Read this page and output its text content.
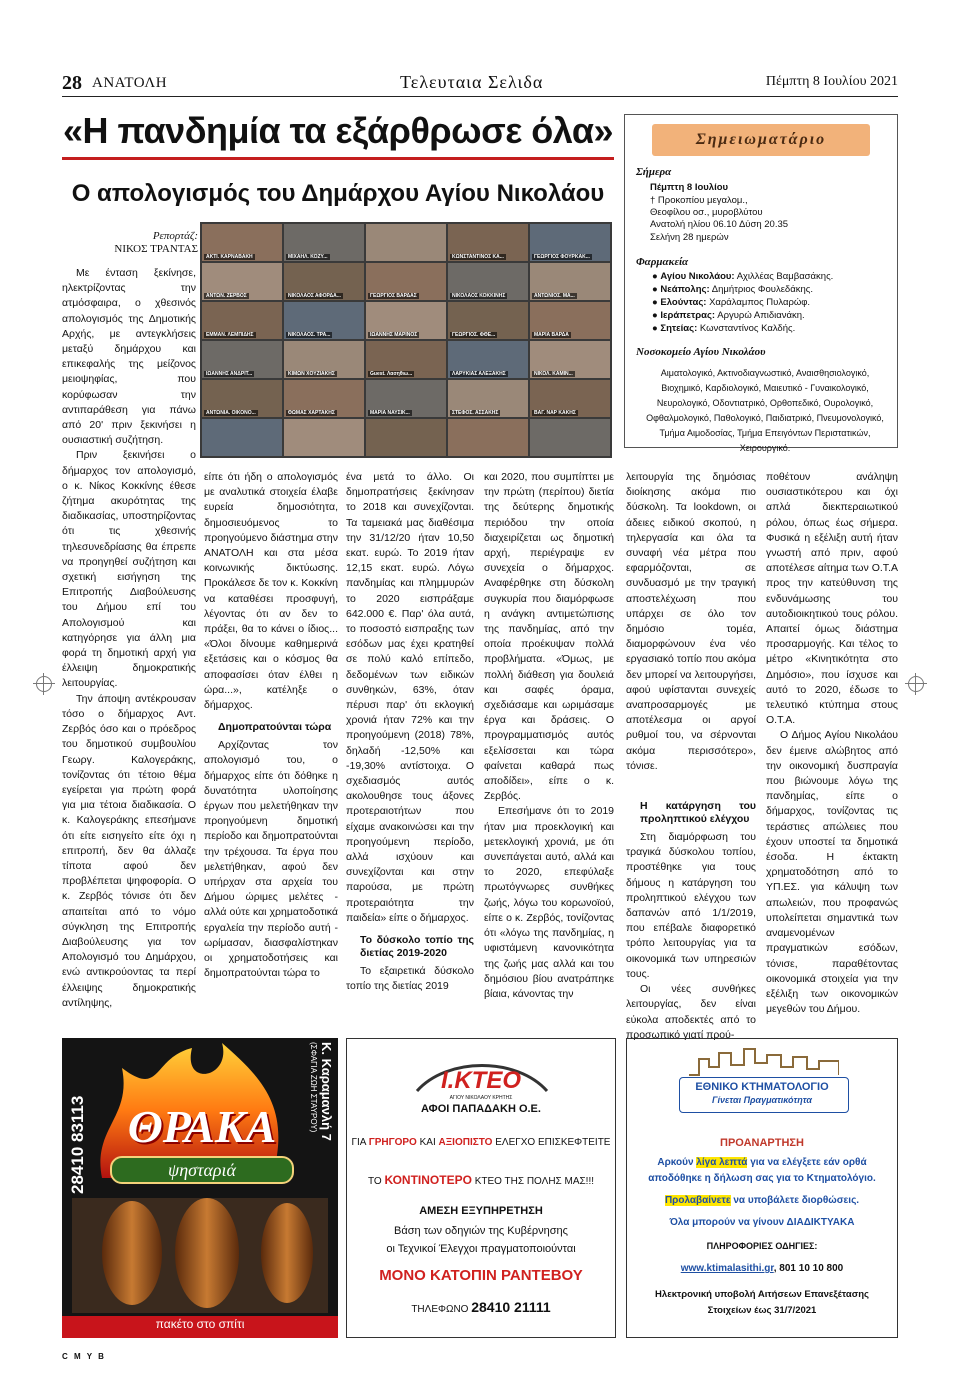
28 ΑΝΑΤΟΛΗ	Τελευταια Σελιδα	Πέμπτη 8 Ιουλίου 2021
«Η πανδημία τα εξάρθρωσε όλα»
Ο απολογισμός του Δημάρχου Αγίου Νικολάου
Ρεπορτάζ:
ΝΙΚΟΣ ΤΡΑΝΤΑΣ

Με ένταση ξεκίνησε, ηλεκτρίζοντας την ατμόσφαιρα, ο χθεσινός απολογισμός της Δημοτικής Αρχής, με αντεγκλήσεις μεταξύ δημάρχου και επικεφαλής της μείζονος μειοψηφίας, που κορύφωσαν την αντιπαράθεση για πάνω από 20' πριν ξεκινήσει η ουσιαστική συζήτηση.

Πριν ξεκινήσει ο δήμαρχος τον απολογισμό, ο κ. Νίκος Κοκκίνης έθεσε ζήτημα ακυρότητας της διαδικασίας, υποστηρίζοντας ότι τις χθεσινής τηλεσυνεδρίασης θα έπρεπε να προηγηθεί συζήτηση και σχετική εισήγηση της Επιτροπής Διαβούλευσης του Δήμου επί του Απολογισμού και κατηγόρησε για άλλη μια φορά τη δημοτική αρχή για έλλειψη δημοκρατικής λειτουργίας.

Την άποψη αντέκρουσαν τόσο ο δήμαρχος Αντ. Ζερβός όσο και ο πρόεδρος του δημοτικού συμβουλίου Γεωργ. Καλογεράκης, τονίζοντας ότι τέτοιο θέμα εγείρεται για πρώτη φορά για μια τέτοια διαδικασία. Ο κ. Καλογεράκης επεσήμανε ότι είτε εισηγείτο είτε όχι η επιτροπή, δεν θα άλλαζε τίποτα αφού δεν προβλέπεται ψηφοφορία. Ο κ. Ζερβός τόνισε ότι δεν απαιτείται από το νόμο σύγκληση της Επιτροπής Διαβούλευσης για τον Απολογισμό του Δημάρχου, ενώ αντικρούοντας τα περί έλλειψης δημοκρατικής αντίληψης,

ΑΚΤΙ. ΚΑΡΝΑΒΑΚΗ	ΜΙΧΑΗΛ. ΚΟΖΥ...	ΚΩΝΣΤΑΝΤΙΝΟΣ ΚΑ...	ΓΕΩΡΓΙΟΣ ΦΟΥΡΚΑΚ...
ΑΝΤΩΝ. ΖΕΡΒΟΣ	ΝΙΚΟΛΑΟΣ ΑΦΟΡΔΑ...	ΓΕΩΡΓΙΟΣ ΒΑΡΔΑΣ	ΝΙΚΟΛΑΟΣ ΚΟΚΚΙΝΗΣ	ΑΝΤΩΝΙΟΣ. ΜΑ...
ΕΜΜΑΝ. ΛΕΜΠΙΔΗΣ	ΝΙΚΟΛΑΟΣ. ΤΡΑ...	ΙΩΑΝΝΗΣ ΜΑΡΙΝΟΣ	ΓΕΩΡΓΙΟΣ. ΦΘΕ...	ΜΑΡΙΑ ΒΑΡΔΑ
ΙΩΑΝΝΗΣ ΑΝΔΡΙΤ...	ΚΙΜΩΝ ΧΟΥΖΙΑΚΗΣ	Guest. Λασηθιω...	ΛΑΡΥΚΙΑΣ ΑΛΕΞΑΚΗΣ	ΝΙΚΟΛ. ΚΑΜΙΝ...
ΑΝΤΩΝΙΑ. ΟΙΚΟΝΟ...	ΘΩΜΑΣ ΧΑΡΤΑΚΗΣ	ΜΑΡΙΑ ΝΑΥΣΙΚ...	ΣΤΕΦΟΣ. ΑΣΣΑΚΗΣ	ΒΑΓ. ΝΑΡ ΚΑΚΗΣ

είπε ότι ήδη ο απολογισμός με αναλυτικά στοιχεία έλαβε ευρεία δημοσιότητα, δημοσιευόμενος το προηγούμενο διάστημα στην ΑΝΑΤΟΛΗ και στα μέσα κοινωνικής δικτύωσης. Προκάλεσε δε τον κ. Κοκκίνη να καταθέσει προσφυγή, λέγοντας ότι αν δεν το πράξει, θα το κάνει ο ίδιος... «Όλοι δίνουμε καθημερινά εξετάσεις και ο κόσμος θα αποφασίσει όταν έλθει η ώρα...», κατέληξε ο δήμαρχος.

Δημοπρατούνται τώρα

Αρχίζοντας τον απολογισμό του, ο δήμαρχος είπε ότι δόθηκε η δυνατότητα υλοποίησης έργων που μελετήθηκαν την προηγούμενη δημοτική περίοδο και δημοπρατούνται την τρέχουσα. Τα έργα που μελετήθηκαν, αφού δεν υπήρχαν στα αρχεία του Δήμου ώριμες μελέτες - αλλά ούτε και χρηματοδοτικά εργαλεία την περίοδο αυτή - ωρίμασαν, διασφαλίστηκαν οι χρηματοδοτήσεις και δημοπρατούνται τώρα το

ένα μετά το άλλο. Οι δημοπρατήσεις ξεκίνησαν το 2018 και συνεχίζονται. Τα ταμειακά μας διαθέσιμα την 31/12/20 ήταν 10,50 εκατ. ευρώ. Το 2019 ήταν 12,15 εκατ. ευρώ. Λόγω πανδημίας και πλημμυρών το 2020 εισπράξαμε 642.000 €. Παρ' όλα αυτά, το ποσοστό εισπραξης των εσόδων μας έχει κρατηθεί σε πολύ καλό επίπεδο, δεδομένων των ειδικών συνθηκών, 63%, όταν πέρυσι παρ' ότι εκλογική χρονιά ήταν 72% και την προηγούμενη (2018) 78%, δηλαδή -12,50% και -19,30% αντίστοιχα. Ο σχεδιασμός αυτός ακολουθησε τους άξονες προτεραιοτήτων που είχαμε ανακοινώσει και την προηγούμενη περίοδο, αλλά ισχύουν και συνεχίζονται και στην παρούσα, με πρώτη προτεραιότητα την παιδεία» είπε ο δήμαρχος.

Το δύσκολο τοπίο της διετίας 2019-2020

Το εξαιρετικά δύσκολο τοπίο της διετίας 2019

και 2020, που συμπίπτει με την πρώτη (περίπου) διετία της δεύτερης δημοτικής περιόδου την οποία διαχειρίζεται ως δημοτική αρχή, περιέγραψε εν συνεχεία ο δήμαρχος. Αναφέρθηκε στη δύσκολη συγκυρία που διαμόρφωσε η ανάγκη αντιμετώπισης της πανδημίας, από την οποία προέκυψαν πολλά προβλήματα. «Όμως, με πολλή διάθεση για δουλειά και σαφές όραμα, σχεδιάσαμε και ωριμάσαμε έργα και δράσεις. Ο προγραμματισμός αυτός εξελίσσεται και τώρα φαίνεται καθαρά πως αποδίδει», είπε ο κ. Ζερβός.

Επεσήμανε ότι το 2019 ήταν μια προεκλογική και μετεκλογική χρονιά, με ότι συνεπάγεται αυτό, αλλά και το 2020, επεφύλαξε πρωτόγνωρες συνθήκες ζωής, λόγω του κορωνοϊού, είπε ο κ. Ζερβός, τονίζοντας ότι «λόγω της πανδημίας, η υφιστάμενη κανονικότητα της ζωής μας αλλά και του δημόσιου βίου ανατράπηκε βίαια, κάνοντας την

λειτουργία της δημόσιας διοίκησης ακόμα πιο δύσκολη. Τα lookdown, οι άδειες ειδικού σκοπού, η τηλεργασία και όλα τα συναφή νέα μέτρα που εφαρμόζονται, σε συνδυασμό με την τραγική αποστελέχωση που υπάρχει σε όλο τον δημόσιο τομέα, διαμορφώνουν ένα νέο εργασιακό τοπίο που ακόμα δεν μπορεί να λειτουργήσει, αφού υφίστανται συνεχείς αναπροσαρμογές με αποτέλεσμα οι αργοί ρυθμοί του, να σέρνονται ακόμα περισσότερο», τόνισε.

Η κατάργηση του προληπτικού ελέγχου

Στη διαμόρφωση του τραγικά δύσκολου τοπίου, προστέθηκε για τους δήμους η κατάργηση του προληπτικού ελέγχου των δαπανών από 1/1/2019, που επέβαλε διαφορετικό τρόπο λειτουργίας για τα οικονομικά των υπηρεσιών τους.

Οι νέες συνθήκες λειτουργίας, δεν είναι εύκολα αποδεκτές από το προσωπικό γιατί πρού-

ποθέτουν ανάληψη ουσιαστικότερου και όχι απλά διεκπεραιωτικού ρόλου, όπως έως σήμερα. Φυσικά η εξέλιξη αυτή ήταν γνωστή από πριν, αφού αποτέλεσε αίτημα των Ο.Τ.Α προς την κατεύθυνση της ενδυνάμωσης του αυτοδιοικητικού τους ρόλου. Απαιτεί όμως διάστημα προσαρμογής. Και τέλος το μέτρο «Κινητικότητα στο Δημόσιο», που ίσχυσε και αυτό το 2020, έδωσε το τελευτικό κτύπημα στους Ο.Τ.Α.

Ο Δήμος Αγίου Νικολάου δεν έμεινε αλώβητος από την οικονομική δυσπραγία που βιώνουμε λόγω της πανδημίας, είπε ο δήμαρχος, τονίζοντας τις τεράστιες απώλειες που έχουν υποστεί τα δημοτικά έσοδα. Η έκτακτη χρηματοδότηση από το ΥΠ.ΕΣ. για κάλυψη των απωλειών, που προφανώς υπολείπεται σημαντικά των αναμενομένων πραγματικών εσόδων, τόνισε, παραθέτοντας οικονομικά στοιχεία για την εξέλιξη των οικονομικών μεγεθών του Δήμου.

Σημειωματάριο
Σήμερα
Πέμπτη 8 Ιουλίου
† Προκοπίου μεγαλομ.,
Θεοφίλου οσ., μυροβλύτου
Ανατολή ηλίου 06.10 Δύση 20.35
Σελήνη 28 ημερών
Φαρμακεία
● Αγίου Νικολάου: Αχιλλέας Βαμβασάκης.
● Νεάπολης: Δημήτριος Φουλεδάκης.
● Ελούντας: Χαράλαμπος Πυλαρώφ.
● Ιεράπετρας: Αργυρώ Απιδιανάκη.
● Σητείας: Κωνσταντίνος Καλδής.
Νοσοκομείο Αγίου Νικολάου
Αιματολογικό, Ακτινοδιαγνωστικό, Αναισθησιολογικό, Βιοχημικό, Καρδιολογικό, Μαιευτικό - Γυναικολογικό, Νευρολογικό, Οδοντιατρικό, Ορθοπεδικό, Ουρολογικό, Οφθαλμολογικό, Παθολογικό, Παιδιατρικό, Πνευμονολογικό, Τμήμα Αιμοδοσίας, Τμήμα Επειγόντων Περιστατικών, Χειρουργικό.
28410 83113
Κ. Καραμανλή 7
(ΣΦΑΓΙΑ ΖΩΗ ΣΤΑΥΡΟΥ)
ΘΡΑΚΑ
ψησταριά
πακέτο στο σπίτι
Ι.ΚΤΕΟ
ΑΓΙΟΥ ΝΙΚΟΛΑΟΥ ΚΡΗΤΗΣ
ΑΦΟΙ ΠΑΠΑΔΑΚΗ Ο.Ε.
ΓΙΑ ΓΡΗΓΟΡΟ ΚΑΙ ΑΞΙΟΠΙΣΤΟ ΕΛΕΓΧΟ ΕΠΙΣΚΕΦΤΕΙΤΕ
ΤΟ ΚΟΝΤΙΝΟΤΕΡΟ ΚΤΕΟ ΤΗΣ ΠΟΛΗΣ ΜΑΣ!!!
ΑΜΕΣΗ ΕΞΥΠΗΡΕΤΗΣΗ
Βάση των οδηγιών της Κυβέρνησης
οι Τεχνικοί Έλεγχοι πραγματοποιούνται
ΜΟΝΟ ΚΑΤΟΠΙΝ ΡΑΝΤΕΒΟΥ
ΤΗΛΕΦΩΝΟ 28410 21111
ΕΘΝΙΚΟ ΚΤΗΜΑΤΟΛΟΓΙΟ
Γίνεται Πραγματικότητα
ΠΡΟΑΝΑΡΤΗΣΗ
Αρκούν λίγα λεπτά για να ελέγξετε εάν ορθά
αποδόθηκε η δήλωση σας για το Κτηματολόγιο.
Προλαβαίνετε να υποβάλετε διορθώσεις.
Όλα μπορούν να γίνουν ΔΙΑΔΙΚΤΥΑΚΑ
ΠΛΗΡΟΦΟΡΙΕΣ ΟΔΗΓΙΕΣ:
www.ktimalasithi.gr, 801 10 10 800
Ηλεκτρονική υποβολή Αιτήσεων Επανεξέτασης
Στοιχείων έως 31/7/2021
C M Y B
